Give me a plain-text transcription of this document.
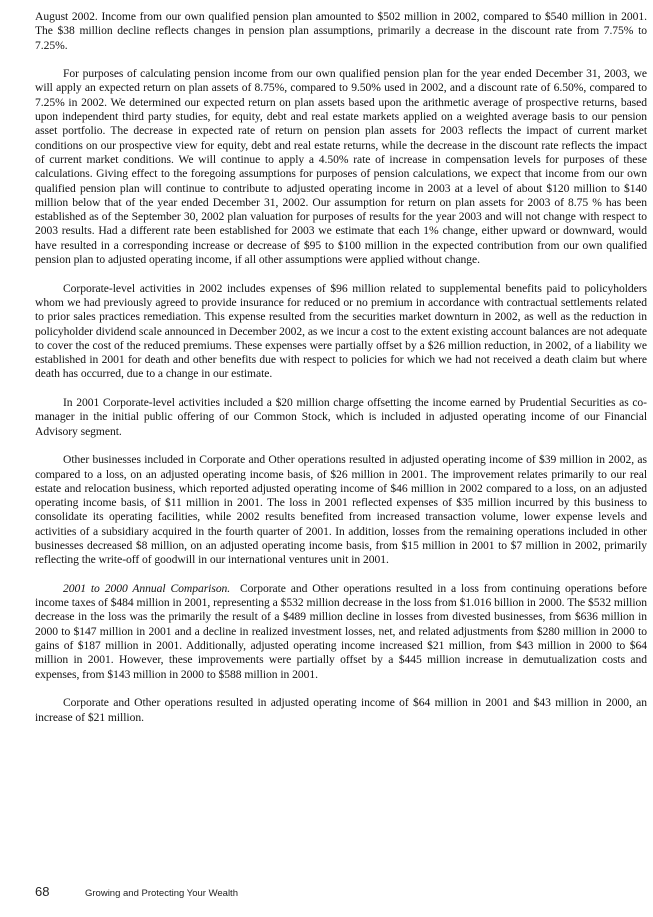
August 2002. Income from our own qualified pension plan amounted to $502 million in 2002, compared to $540 million in 2001. The $38 million decline reflects changes in pension plan assumptions, primarily a decrease in the discount rate from 7.75% to 7.25%.

For purposes of calculating pension income from our own qualified pension plan for the year ended December 31, 2003, we will apply an expected return on plan assets of 8.75%, compared to 9.50% used in 2002, and a discount rate of 6.50%, compared to 7.25% in 2002. We determined our expected return on plan assets based upon the arithmetic average of prospective returns, based upon independent third party studies, for equity, debt and real estate markets applied on a weighted average basis to our pension asset portfolio. The decrease in expected rate of return on pension plan assets for 2003 reflects the impact of current market conditions on our prospective view for equity, debt and real estate returns, while the decrease in the discount rate reflects the impact of current market conditions. We will continue to apply a 4.50% rate of increase in compensation levels for purposes of these calculations. Giving effect to the foregoing assumptions for purposes of pension calculations, we expect that income from our own qualified pension plan will continue to contribute to adjusted operating income in 2003 at a level of about $120 million to $140 million below that of the year ended December 31, 2002. Our assumption for return on plan assets for 2003 of 8.75 % has been established as of the September 30, 2002 plan valuation for purposes of results for the year 2003 and will not change with respect to 2003 results. Had a different rate been established for 2003 we estimate that each 1% change, either upward or downward, would have resulted in a corresponding increase or decrease of $95 to $100 million in the expected contribution from our own qualified pension plan to adjusted operating income, if all other assumptions were applied without change.

Corporate-level activities in 2002 includes expenses of $96 million related to supplemental benefits paid to policyholders whom we had previously agreed to provide insurance for reduced or no premium in accordance with contractual settlements related to prior sales practices remediation. This expense resulted from the securities market downturn in 2002, as well as the reduction in policyholder dividend scale announced in December 2002, as we incur a cost to the extent existing account balances are not adequate to cover the cost of the reduced premiums. These expenses were partially offset by a $26 million reduction, in 2002, of a liability we established in 2001 for death and other benefits due with respect to policies for which we had not received a death claim but where death has occurred, due to a change in our estimate.

In 2001 Corporate-level activities included a $20 million charge offsetting the income earned by Prudential Securities as co-manager in the initial public offering of our Common Stock, which is included in adjusted operating income of our Financial Advisory segment.

Other businesses included in Corporate and Other operations resulted in adjusted operating income of $39 million in 2002, as compared to a loss, on an adjusted operating income basis, of $26 million in 2001. The improvement relates primarily to our real estate and relocation business, which reported adjusted operating income of $46 million in 2002 compared to a loss, on an adjusted operating income basis, of $11 million in 2001. The loss in 2001 reflected expenses of $35 million incurred by this business to consolidate its operating facilities, while 2002 results benefited from increased transaction volume, lower expense levels and activities of a subsidiary acquired in the fourth quarter of 2001. In addition, losses from the remaining operations included in other businesses decreased $8 million, on an adjusted operating income basis, from $15 million in 2001 to $7 million in 2002, primarily reflecting the write-off of goodwill in our international ventures unit in 2001.

2001 to 2000 Annual Comparison. Corporate and Other operations resulted in a loss from continuing operations before income taxes of $484 million in 2001, representing a $532 million decrease in the loss from $1.016 billion in 2000. The $532 million decrease in the loss was the primarily the result of a $489 million decline in losses from divested businesses, from $636 million in 2000 to $147 million in 2001 and a decline in realized investment losses, net, and related adjustments from $280 million in 2000 to gains of $187 million in 2001. Additionally, adjusted operating income increased $21 million, from $43 million in 2000 to $64 million in 2001. However, these improvements were partially offset by a $445 million increase in demutualization costs and expenses, from $143 million in 2000 to $588 million in 2001.

Corporate and Other operations resulted in adjusted operating income of $64 million in 2001 and $43 million in 2000, an increase of $21 million.

68	Growing and Protecting Your Wealth
